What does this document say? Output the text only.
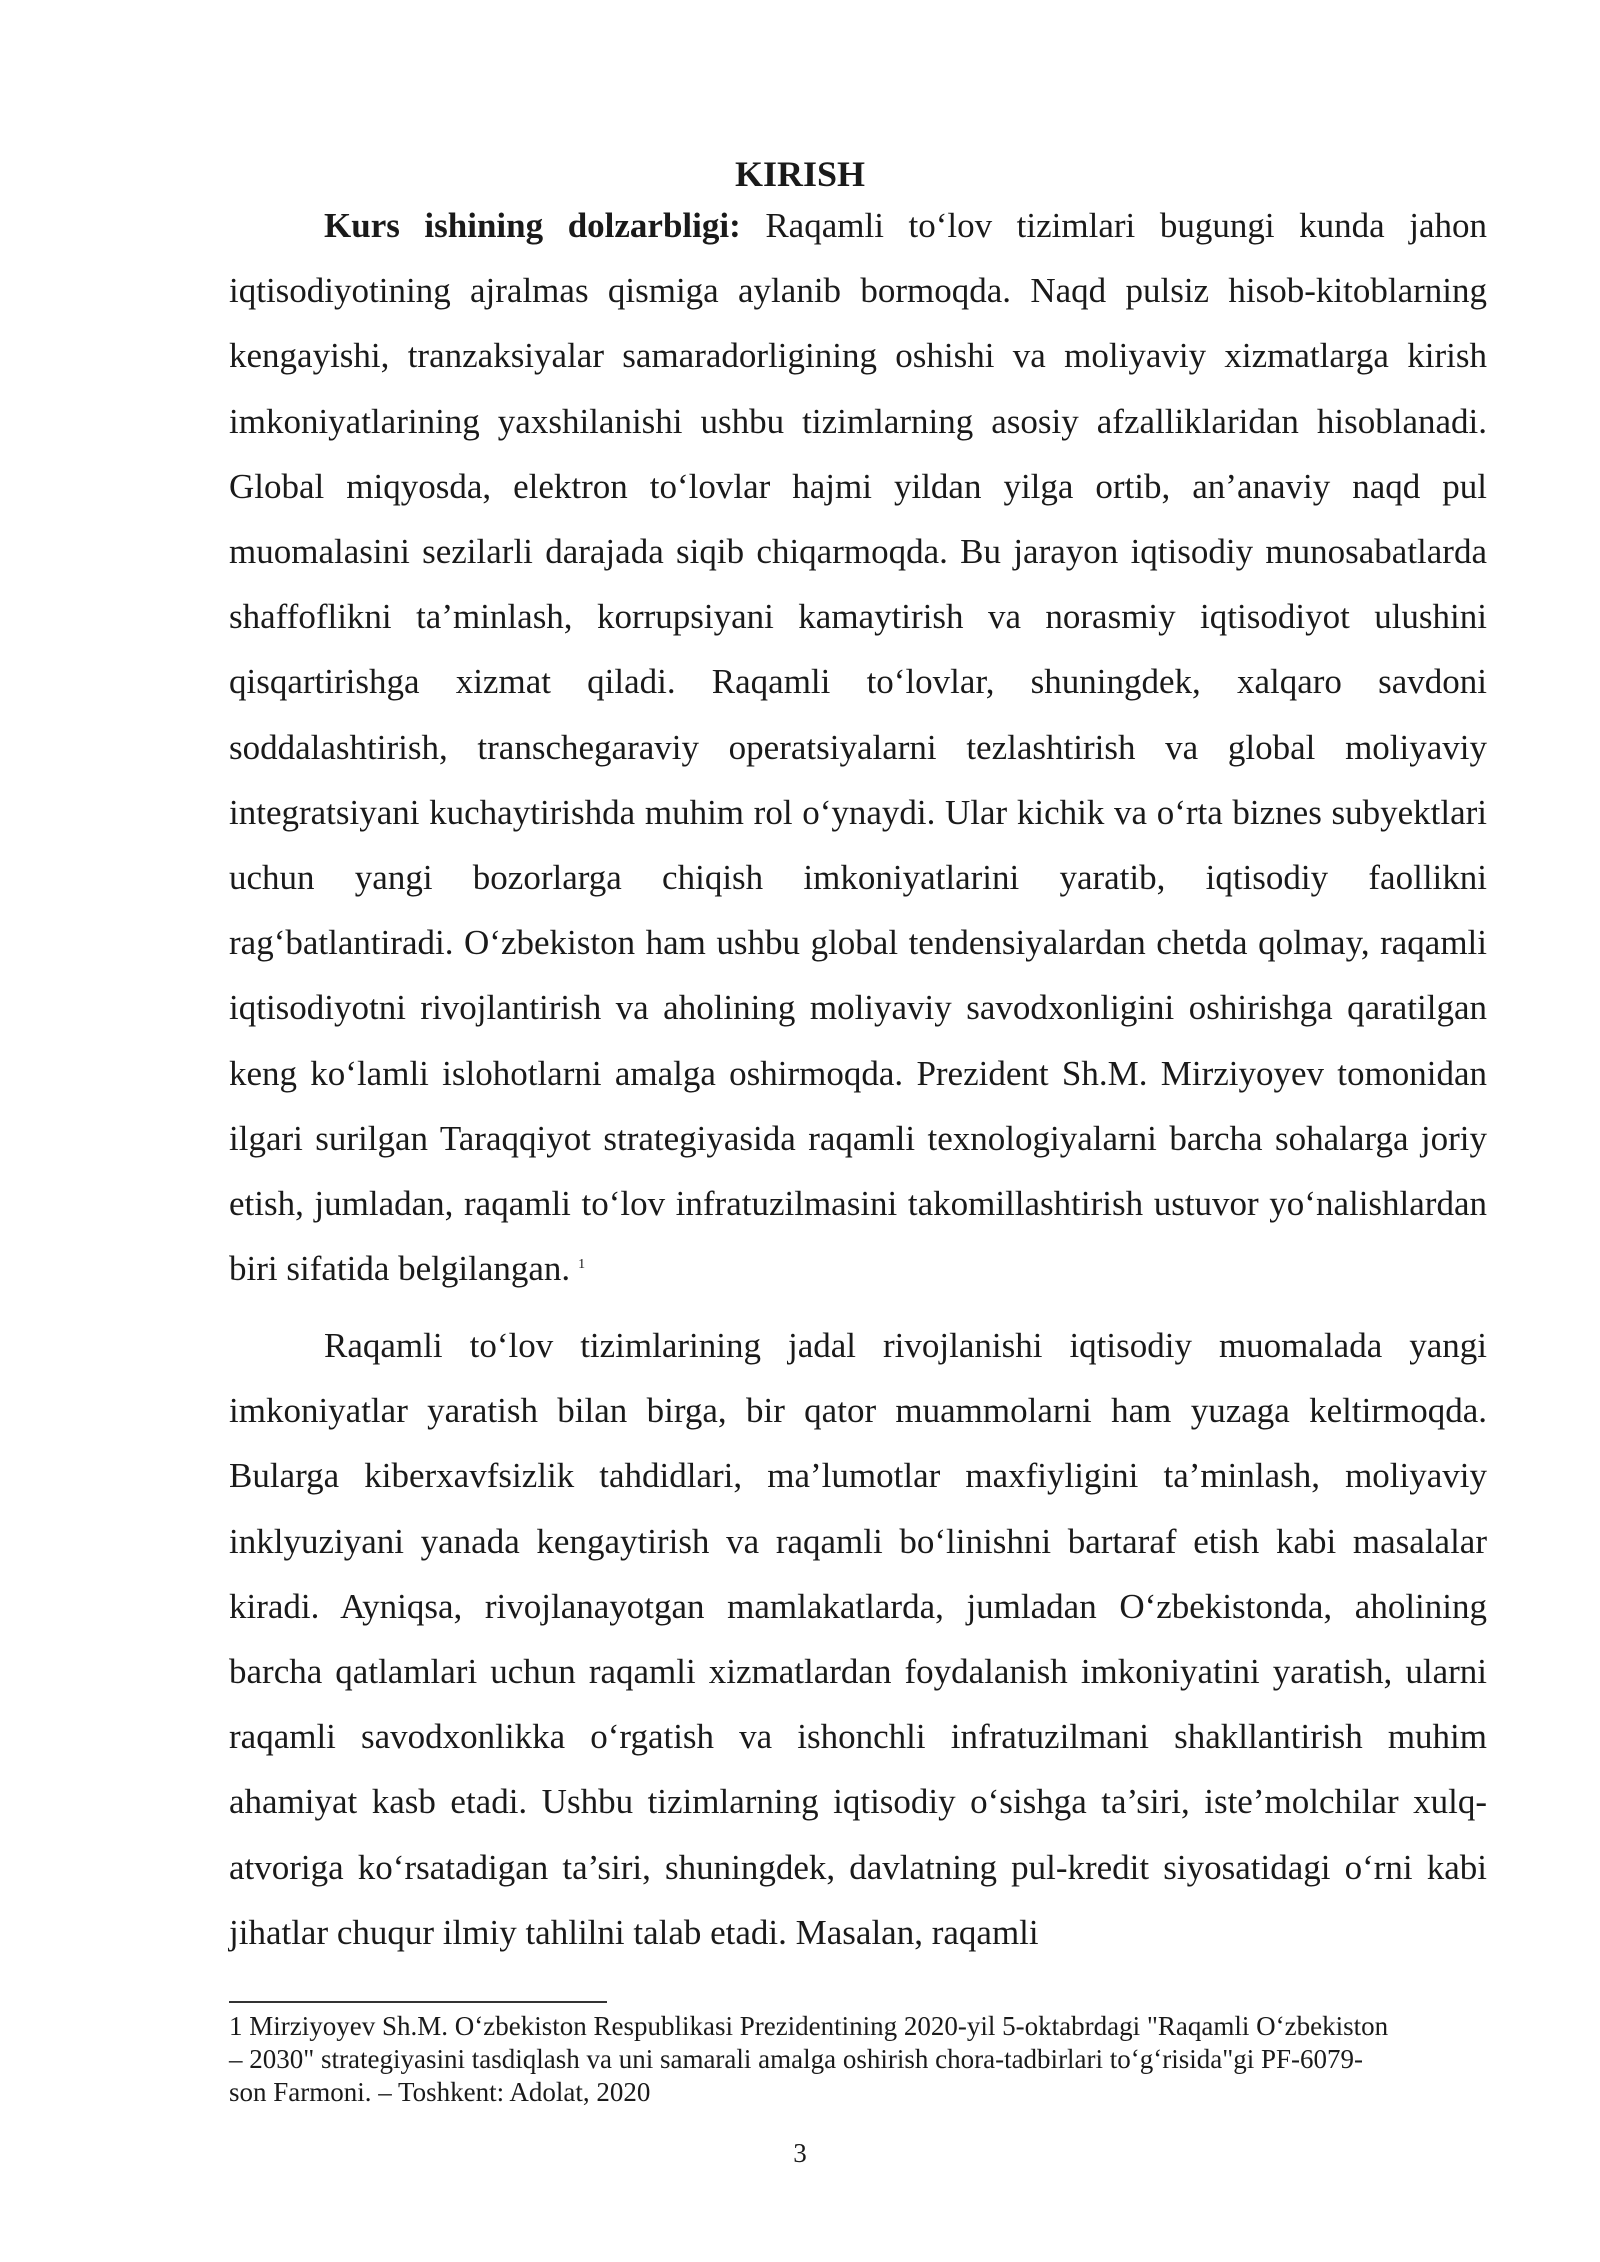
KIRISH

Kurs ishining dolzarbligi: Raqamli to‘lov tizimlari bugungi kunda jahon iqtisodiyotining ajralmas qismiga aylanib bormoqda. Naqd pulsiz hisob-kitoblarning kengayishi, tranzaksiyalar samaradorligining oshishi va moliyaviy xizmatlarga kirish imkoniyatlarining yaxshilanishi ushbu tizimlarning asosiy afzalliklaridan hisoblanadi. Global miqyosda, elektron to‘lovlar hajmi yildan yilga ortib, an’anaviy naqd pul muomalasini sezilarli darajada siqib chiqarmoqda. Bu jarayon iqtisodiy munosabatlarda shaffoflikni ta’minlash, korrupsiyani kamaytirish va norasmiy iqtisodiyot ulushini qisqartirishga xizmat qiladi. Raqamli to‘lovlar, shuningdek, xalqaro savdoni soddalashtirish, transchegaraviy operatsiyalarni tezlashtirish va global moliyaviy integratsiyani kuchaytirishda muhim rol o‘ynaydi. Ular kichik va o‘rta biznes subyektlari uchun yangi bozorlarga chiqish imkoniyatlarini yaratib, iqtisodiy faollikni rag‘batlantiradi. O‘zbekiston ham ushbu global tendensiyalardan chetda qolmay, raqamli iqtisodiyotni rivojlantirish va aholining moliyaviy savodxonligini oshirishga qaratilgan keng ko‘lamli islohotlarni amalga oshirmoqda. Prezident Sh.M. Mirziyoyev tomonidan ilgari surilgan Taraqqiyot strategiyasida raqamli texnologiyalarni barcha sohalarga joriy etish, jumladan, raqamli to‘lov infratuzilmasini takomillashtirish ustuvor yo‘nalishlardan biri sifatida belgilangan. $^1$

Raqamli to‘lov tizimlarining jadal rivojlanishi iqtisodiy muomalada yangi imkoniyatlar yaratish bilan birga, bir qator muammolarni ham yuzaga keltirmoqda. Bularga kiberxavfsizlik tahdidlari, ma’lumotlar maxfiyligini ta’minlash, moliyaviy inklyuziyani yanada kengaytirish va raqamli bo‘linishni bartaraf etish kabi masalalar kiradi. Ayniqsa, rivojlanayotgan mamlakatlarda, jumladan O‘zbekistonda, aholining barcha qatlamlari uchun raqamli xizmatlardan foydalanish imkoniyatini yaratish, ularni raqamli savodxonlikka o‘rgatish va ishonchli infratuzilmani shakllantirish muhim ahamiyat kasb etadi. Ushbu tizimlarning iqtisodiy o‘sishga ta’siri, iste’molchilar xulq-atvoriga ko‘rsatadigan ta’siri, shuningdek, davlatning pul-kredit siyosatidagi o‘rni kabi jihatlar chuqur ilmiy tahlilni talab etadi. Masalan, raqamli

1 Mirziyoyev Sh.M. O‘zbekiston Respublikasi Prezidentining 2020-yil 5-oktabrdagi "Raqamli O‘zbekiston – 2030" strategiyasini tasdiqlash va uni samarali amalga oshirish chora-tadbirlari to‘g‘risida"gi PF-6079-son Farmoni. – Toshkent: Adolat, 2020

3
